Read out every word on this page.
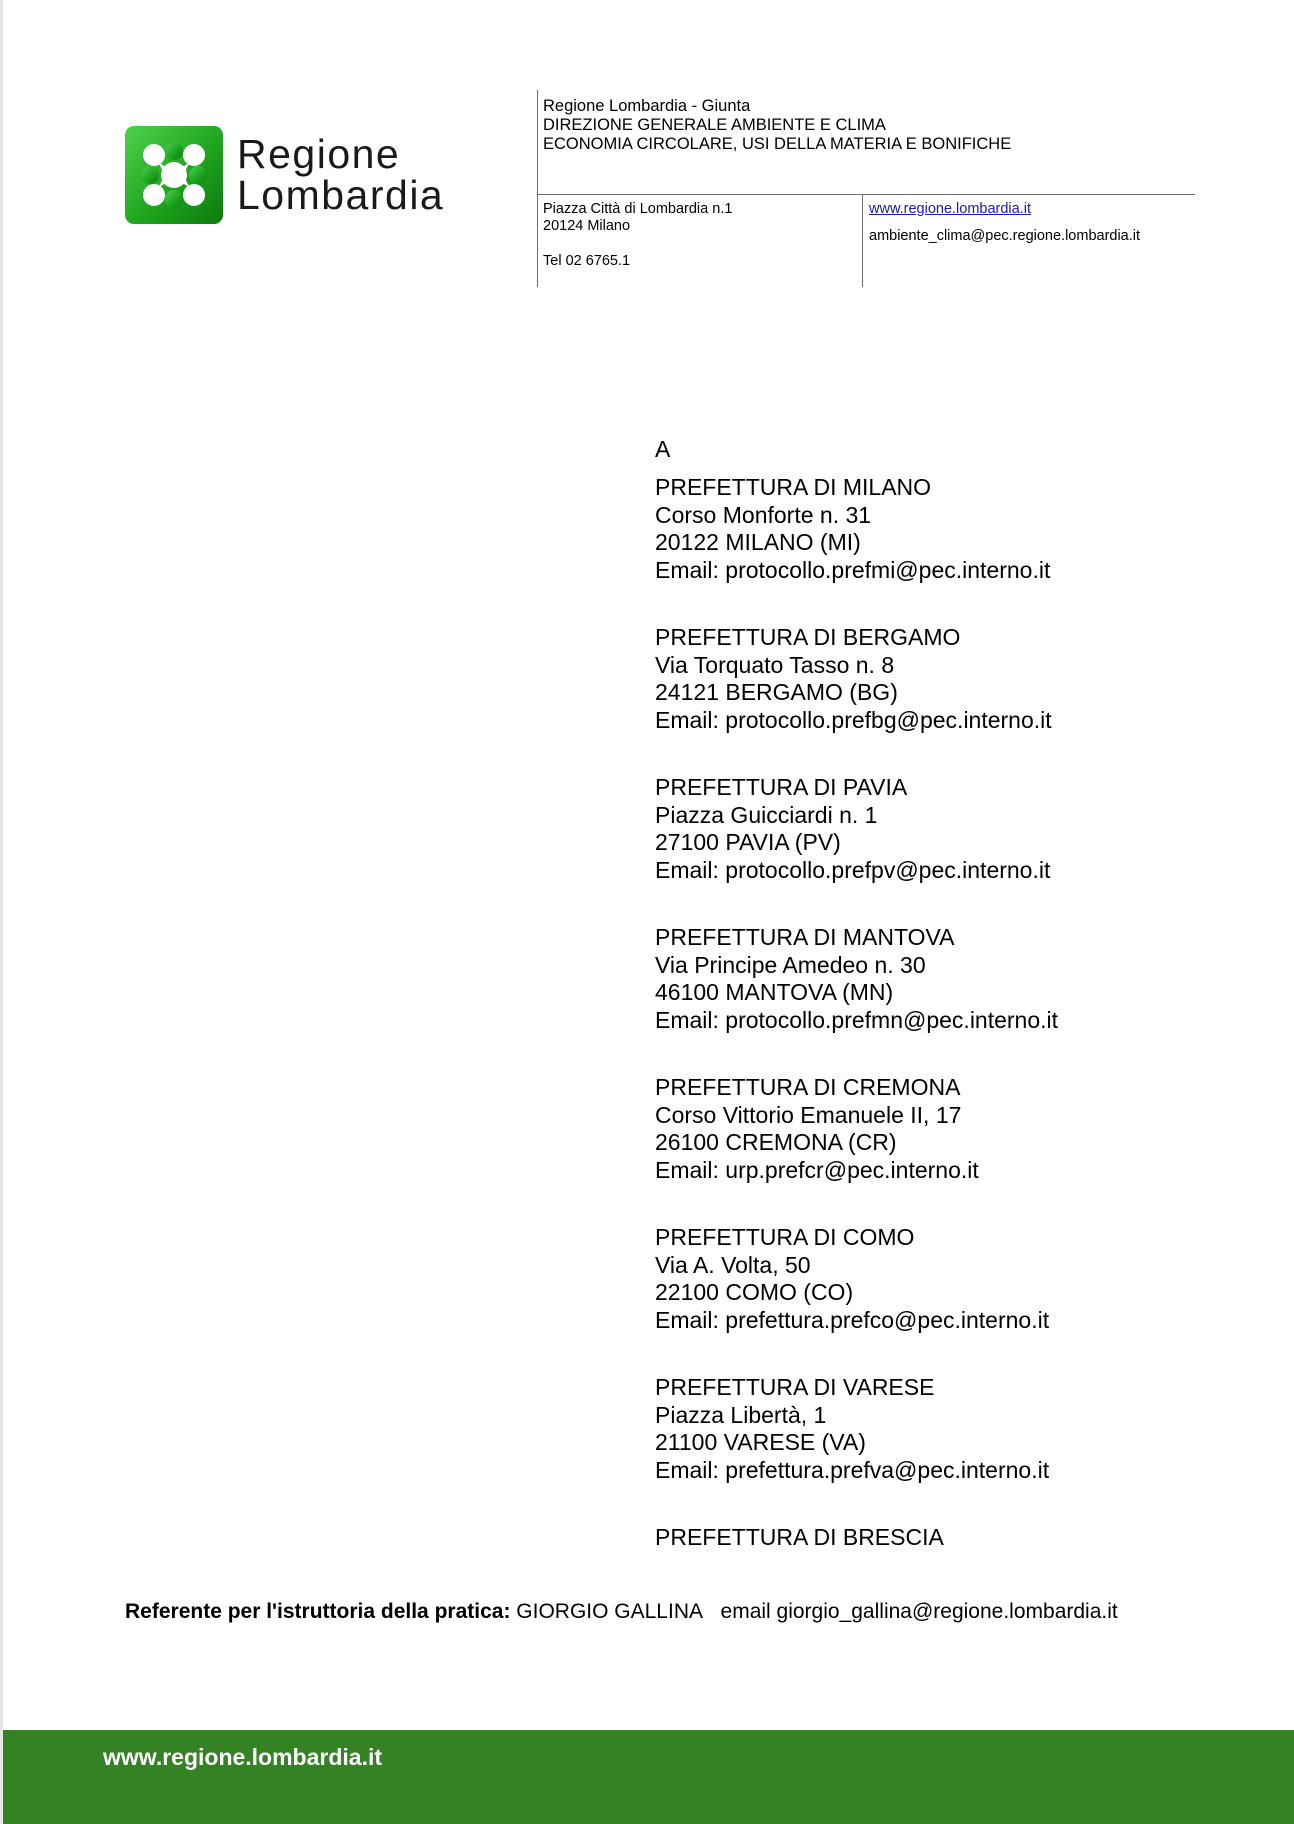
Regione
Lombardia
Regione Lombardia - Giunta
DIREZIONE GENERALE AMBIENTE E CLIMA
ECONOMIA CIRCOLARE, USI DELLA MATERIA E BONIFICHE
Piazza Città di Lombardia n.1
20124 Milano
Tel 02 6765.1
www.regione.lombardia.it
ambiente_clima@pec.regione.lombardia.it
A
PREFETTURA DI MILANO
Corso Monforte n. 31
20122 MILANO (MI)
Email: protocollo.prefmi@pec.interno.it
PREFETTURA DI BERGAMO
Via Torquato Tasso n. 8
24121 BERGAMO (BG)
Email: protocollo.prefbg@pec.interno.it
PREFETTURA DI PAVIA
Piazza Guicciardi n. 1
27100 PAVIA (PV)
Email: protocollo.prefpv@pec.interno.it
PREFETTURA DI MANTOVA
Via Principe Amedeo n. 30
46100 MANTOVA (MN)
Email: protocollo.prefmn@pec.interno.it
PREFETTURA DI CREMONA
Corso Vittorio Emanuele II, 17
26100 CREMONA (CR)
Email: urp.prefcr@pec.interno.it
PREFETTURA DI COMO
Via A. Volta, 50
22100 COMO (CO)
Email: prefettura.prefco@pec.interno.it
PREFETTURA DI VARESE
Piazza Libertà, 1
21100 VARESE (VA)
Email: prefettura.prefva@pec.interno.it
PREFETTURA DI BRESCIA
Referente per l'istruttoria della pratica: GIORGIO GALLINA email giorgio_gallina@regione.lombardia.it
www.regione.lombardia.it
